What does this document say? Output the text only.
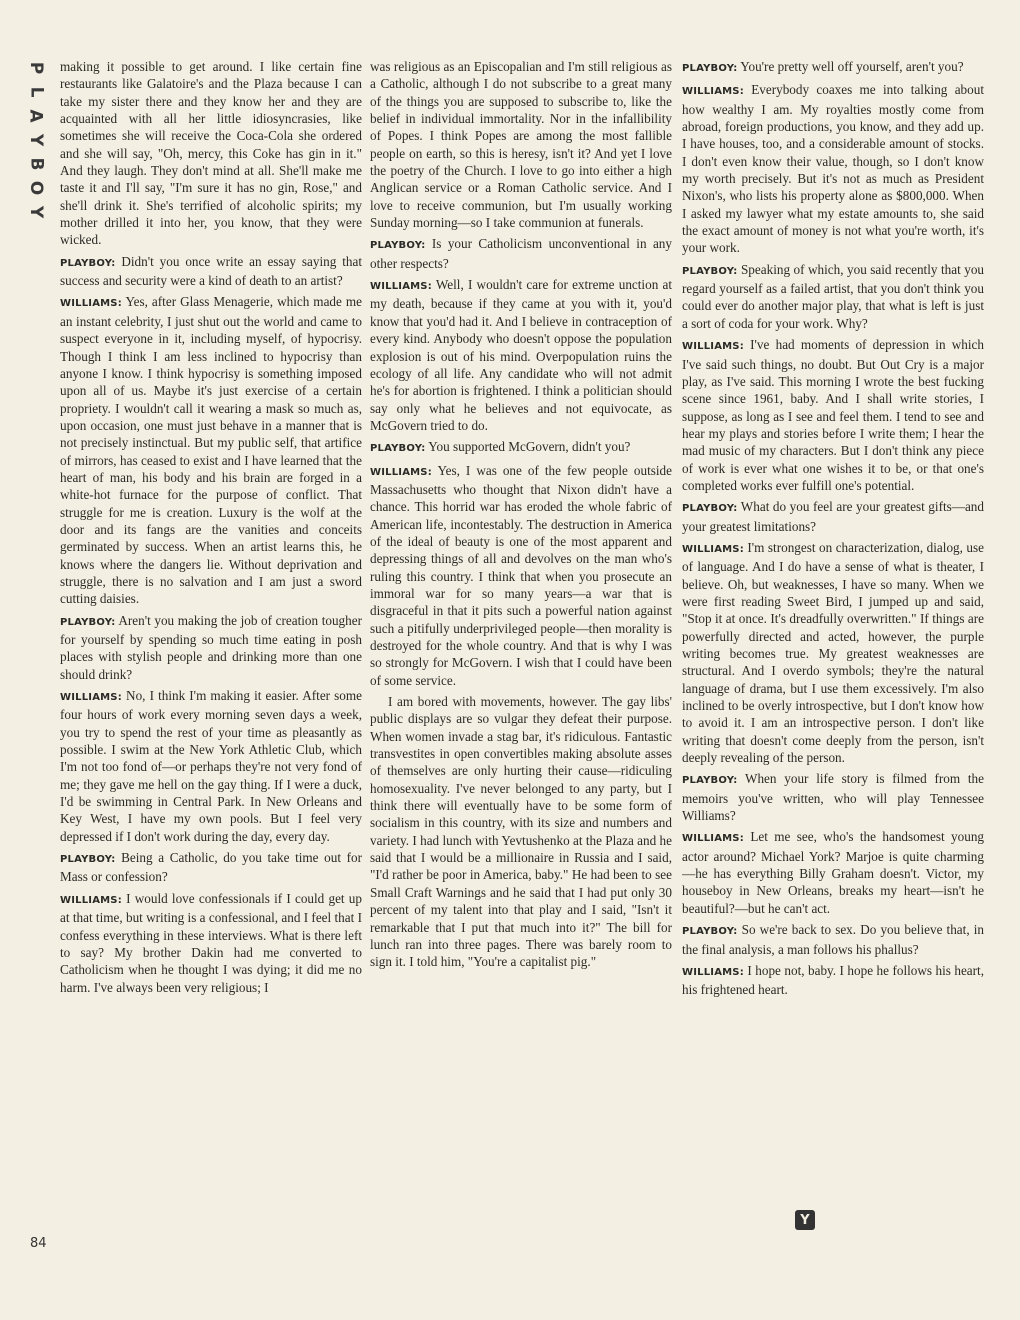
P
L
A
Y
B
O
Y

making it possible to get around. I like certain fine restaurants like Galatoire's and the Plaza because I can take my sister there and they know her and they are acquainted with all her little idiosyncrasies, like sometimes she will receive the Coca-Cola she ordered and she will say, "Oh, mercy, this Coke has gin in it." And they laugh. They don't mind at all. She'll make me taste it and I'll say, "I'm sure it has no gin, Rose," and she'll drink it. She's terrified of alcoholic spirits; my mother drilled it into her, you know, that they were wicked.

PLAYBOY: Didn't you once write an essay saying that success and security were a kind of death to an artist?

WILLIAMS: Yes, after Glass Menagerie, which made me an instant celebrity, I just shut out the world and came to suspect everyone in it, including myself, of hypocrisy. Though I think I am less inclined to hypocrisy than anyone I know. I think hypocrisy is something imposed upon all of us. Maybe it's just exercise of a certain propriety. I wouldn't call it wearing a mask so much as, upon occasion, one must just behave in a manner that is not precisely instinctual. But my public self, that artifice of mirrors, has ceased to exist and I have learned that the heart of man, his body and his brain are forged in a white-hot furnace for the purpose of conflict. That struggle for me is creation. Luxury is the wolf at the door and its fangs are the vanities and conceits germinated by success. When an artist learns this, he knows where the dangers lie. Without deprivation and struggle, there is no salvation and I am just a sword cutting daisies.

PLAYBOY: Aren't you making the job of creation tougher for yourself by spending so much time eating in posh places with stylish people and drinking more than one should drink?

WILLIAMS: No, I think I'm making it easier. After some four hours of work every morning seven days a week, you try to spend the rest of your time as pleasantly as possible. I swim at the New York Athletic Club, which I'm not too fond of—or perhaps they're not very fond of me; they gave me hell on the gay thing. If I were a duck, I'd be swimming in Central Park. In New Orleans and Key West, I have my own pools. But I feel very depressed if I don't work during the day, every day.

PLAYBOY: Being a Catholic, do you take time out for Mass or confession?

WILLIAMS: I would love confessionals if I could get up at that time, but writing is a confessional, and I feel that I confess everything in these interviews. What is there left to say? My brother Dakin had me converted to Catholicism when he thought I was dying; it did me no harm. I've always been very religious; I

was religious as an Episcopalian and I'm still religious as a Catholic, although I do not subscribe to a great many of the things you are supposed to subscribe to, like the belief in individual immortality. Nor in the infallibility of Popes. I think Popes are among the most fallible people on earth, so this is heresy, isn't it? And yet I love the poetry of the Church. I love to go into either a high Anglican service or a Roman Catholic service. And I love to receive communion, but I'm usually working Sunday morning—so I take communion at funerals.

PLAYBOY: Is your Catholicism unconventional in any other respects?

WILLIAMS: Well, I wouldn't care for extreme unction at my death, because if they came at you with it, you'd know that you'd had it. And I believe in contraception of every kind. Anybody who doesn't oppose the population explosion is out of his mind. Overpopulation ruins the ecology of all life. Any candidate who will not admit he's for abortion is frightened. I think a politician should say only what he believes and not equivocate, as McGovern tried to do.

PLAYBOY: You supported McGovern, didn't you?

WILLIAMS: Yes, I was one of the few people outside Massachusetts who thought that Nixon didn't have a chance. This horrid war has eroded the whole fabric of American life, incontestably. The destruction in America of the ideal of beauty is one of the most apparent and depressing things of all and devolves on the man who's ruling this country. I think that when you prosecute an immoral war for so many years—a war that is disgraceful in that it pits such a powerful nation against such a pitifully underprivileged people—then morality is destroyed for the whole country. And that is why I was so strongly for McGovern. I wish that I could have been of some service.

I am bored with movements, however. The gay libs' public displays are so vulgar they defeat their purpose. When women invade a stag bar, it's ridiculous. Fantastic transvestites in open convertibles making absolute asses of themselves are only hurting their cause—ridiculing homosexuality. I've never belonged to any party, but I think there will eventually have to be some form of socialism in this country, with its size and numbers and variety. I had lunch with Yevtushenko at the Plaza and he said that I would be a millionaire in Russia and I said, "I'd rather be poor in America, baby." He had been to see Small Craft Warnings and he said that I had put only 30 percent of my talent into that play and I said, "Isn't it remarkable that I put that much into it?" The bill for lunch ran into three pages. There was barely room to sign it. I told him, "You're a capitalist pig."

PLAYBOY: You're pretty well off yourself, aren't you?

WILLIAMS: Everybody coaxes me into talking about how wealthy I am. My royalties mostly come from abroad, foreign productions, you know, and they add up. I have houses, too, and a considerable amount of stocks. I don't even know their value, though, so I don't know my worth precisely. But it's not as much as President Nixon's, who lists his property alone as $800,000. When I asked my lawyer what my estate amounts to, she said the exact amount of money is not what you're worth, it's your work.

PLAYBOY: Speaking of which, you said recently that you regard yourself as a failed artist, that you don't think you could ever do another major play, that what is left is just a sort of coda for your work. Why?

WILLIAMS: I've had moments of depression in which I've said such things, no doubt. But Out Cry is a major play, as I've said. This morning I wrote the best fucking scene since 1961, baby. And I shall write stories, I suppose, as long as I see and feel them. I tend to see and hear my plays and stories before I write them; I hear the mad music of my characters. But I don't think any piece of work is ever what one wishes it to be, or that one's completed works ever fulfill one's potential.

PLAYBOY: What do you feel are your greatest gifts—and your greatest limitations?

WILLIAMS: I'm strongest on characterization, dialog, use of language. And I do have a sense of what is theater, I believe. Oh, but weaknesses, I have so many. When we were first reading Sweet Bird, I jumped up and said, "Stop it at once. It's dreadfully overwritten." If things are powerfully directed and acted, however, the purple writing becomes true. My greatest weaknesses are structural. And I overdo symbols; they're the natural language of drama, but I use them excessively. I'm also inclined to be overly introspective, but I don't know how to avoid it. I am an introspective person. I don't like writing that doesn't come deeply from the person, isn't deeply revealing of the person.

PLAYBOY: When your life story is filmed from the memoirs you've written, who will play Tennessee Williams?

WILLIAMS: Let me see, who's the handsomest young actor around? Michael York? Marjoe is quite charming—he has everything Billy Graham doesn't. Victor, my houseboy in New Orleans, breaks my heart—isn't he beautiful?—but he can't act.

PLAYBOY: So we're back to sex. Do you believe that, in the final analysis, a man follows his phallus?

WILLIAMS: I hope not, baby. I hope he follows his heart, his frightened heart.

84
Y
